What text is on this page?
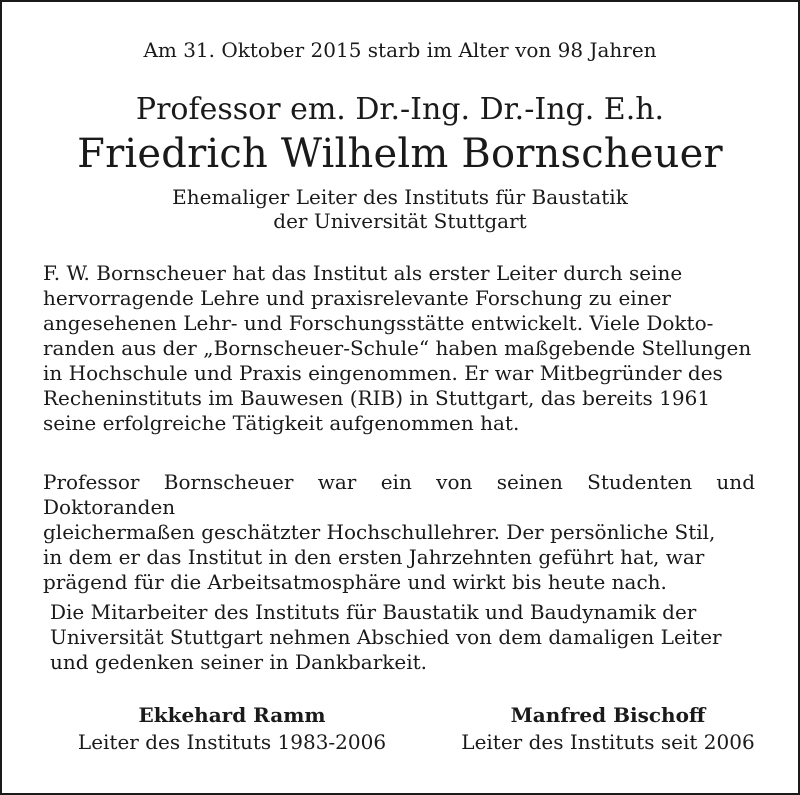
Am 31. Oktober 2015 starb im Alter von 98 Jahren
Professor em. Dr.-Ing. Dr.-Ing. E.h.
Friedrich Wilhelm Bornscheuer
Ehemaliger Leiter des Instituts für Baustatik
der Universität Stuttgart
F. W. Bornscheuer hat das Institut als erster Leiter durch seine
hervorragende Lehre und praxisrelevante Forschung zu einer
angesehenen Lehr- und Forschungsstätte entwickelt. Viele Dokto-
randen aus der „Bornscheuer-Schule“ haben maßgebende Stellungen
in Hochschule und Praxis eingenommen. Er war Mitbegründer des
Recheninstituts im Bauwesen (RIB) in Stuttgart, das bereits 1961
seine erfolgreiche Tätigkeit aufgenommen hat.
Professor Bornscheuer war ein von seinen Studenten und Doktoranden
gleichermaßen geschätzter Hochschullehrer. Der persönliche Stil,
in dem er das Institut in den ersten Jahrzehnten geführt hat, war
prägend für die Arbeitsatmosphäre und wirkt bis heute nach.
Die Mitarbeiter des Instituts für Baustatik und Baudynamik der
Universität Stuttgart nehmen Abschied von dem damaligen Leiter
und gedenken seiner in Dankbarkeit.
Ekkehard Ramm
Leiter des Instituts 1983-2006
Manfred Bischoff
Leiter des Instituts seit 2006
